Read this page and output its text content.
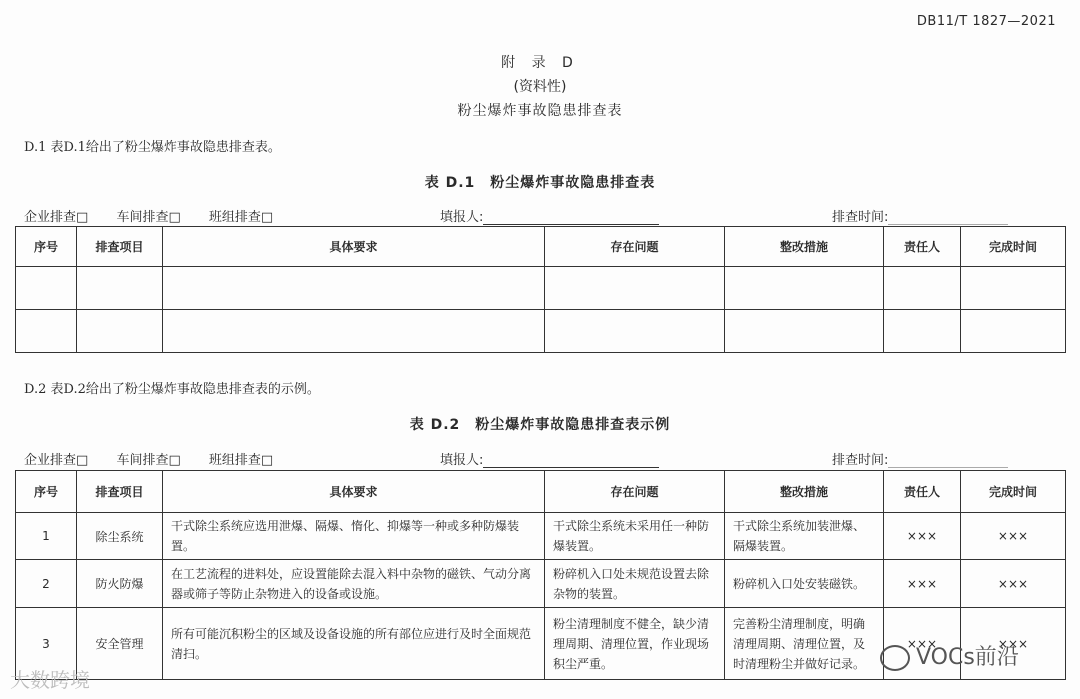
DB11/T 1827—2021
附 录 D
(资料性)
粉尘爆炸事故隐患排查表
D.1 表D.1给出了粉尘爆炸事故隐患排查表。
表 D.1　粉尘爆炸事故隐患排查表
企业排查□ 车间排查□ 班组排查□	填报人:	排查时间:
序号	排查项目	具体要求	存在问题	整改措施	责任人	完成时间

D.2 表D.2给出了粉尘爆炸事故隐患排查表的示例。
表 D.2　粉尘爆炸事故隐患排查表示例
企业排查□ 车间排查□ 班组排查□	填报人:	排查时间:
序号	排查项目	具体要求	存在问题	整改措施	责任人	完成时间
1	除尘系统	干式除尘系统应选用泄爆、隔爆、惰化、抑爆等一种或多种防爆装置。	干式除尘系统未采用任一种防爆装置。	干式除尘系统加装泄爆、隔爆装置。	×××	×××
2	防火防爆	在工艺流程的进料处，应设置能除去混入料中杂物的磁铁、气动分离器或筛子等防止杂物进入的设备或设施。	粉碎机入口处未规范设置去除杂物的装置。	粉碎机入口处安装磁铁。	×××	×××
3	安全管理	所有可能沉积粉尘的区域及设备设施的所有部位应进行及时全面规范清扫。	粉尘清理制度不健全，缺少清理周期、清理位置，作业现场积尘严重。	完善粉尘清理制度，明确清理周期、清理位置，及时清理粉尘并做好记录。	×××	×××
大数跨境
VOCs前沿
